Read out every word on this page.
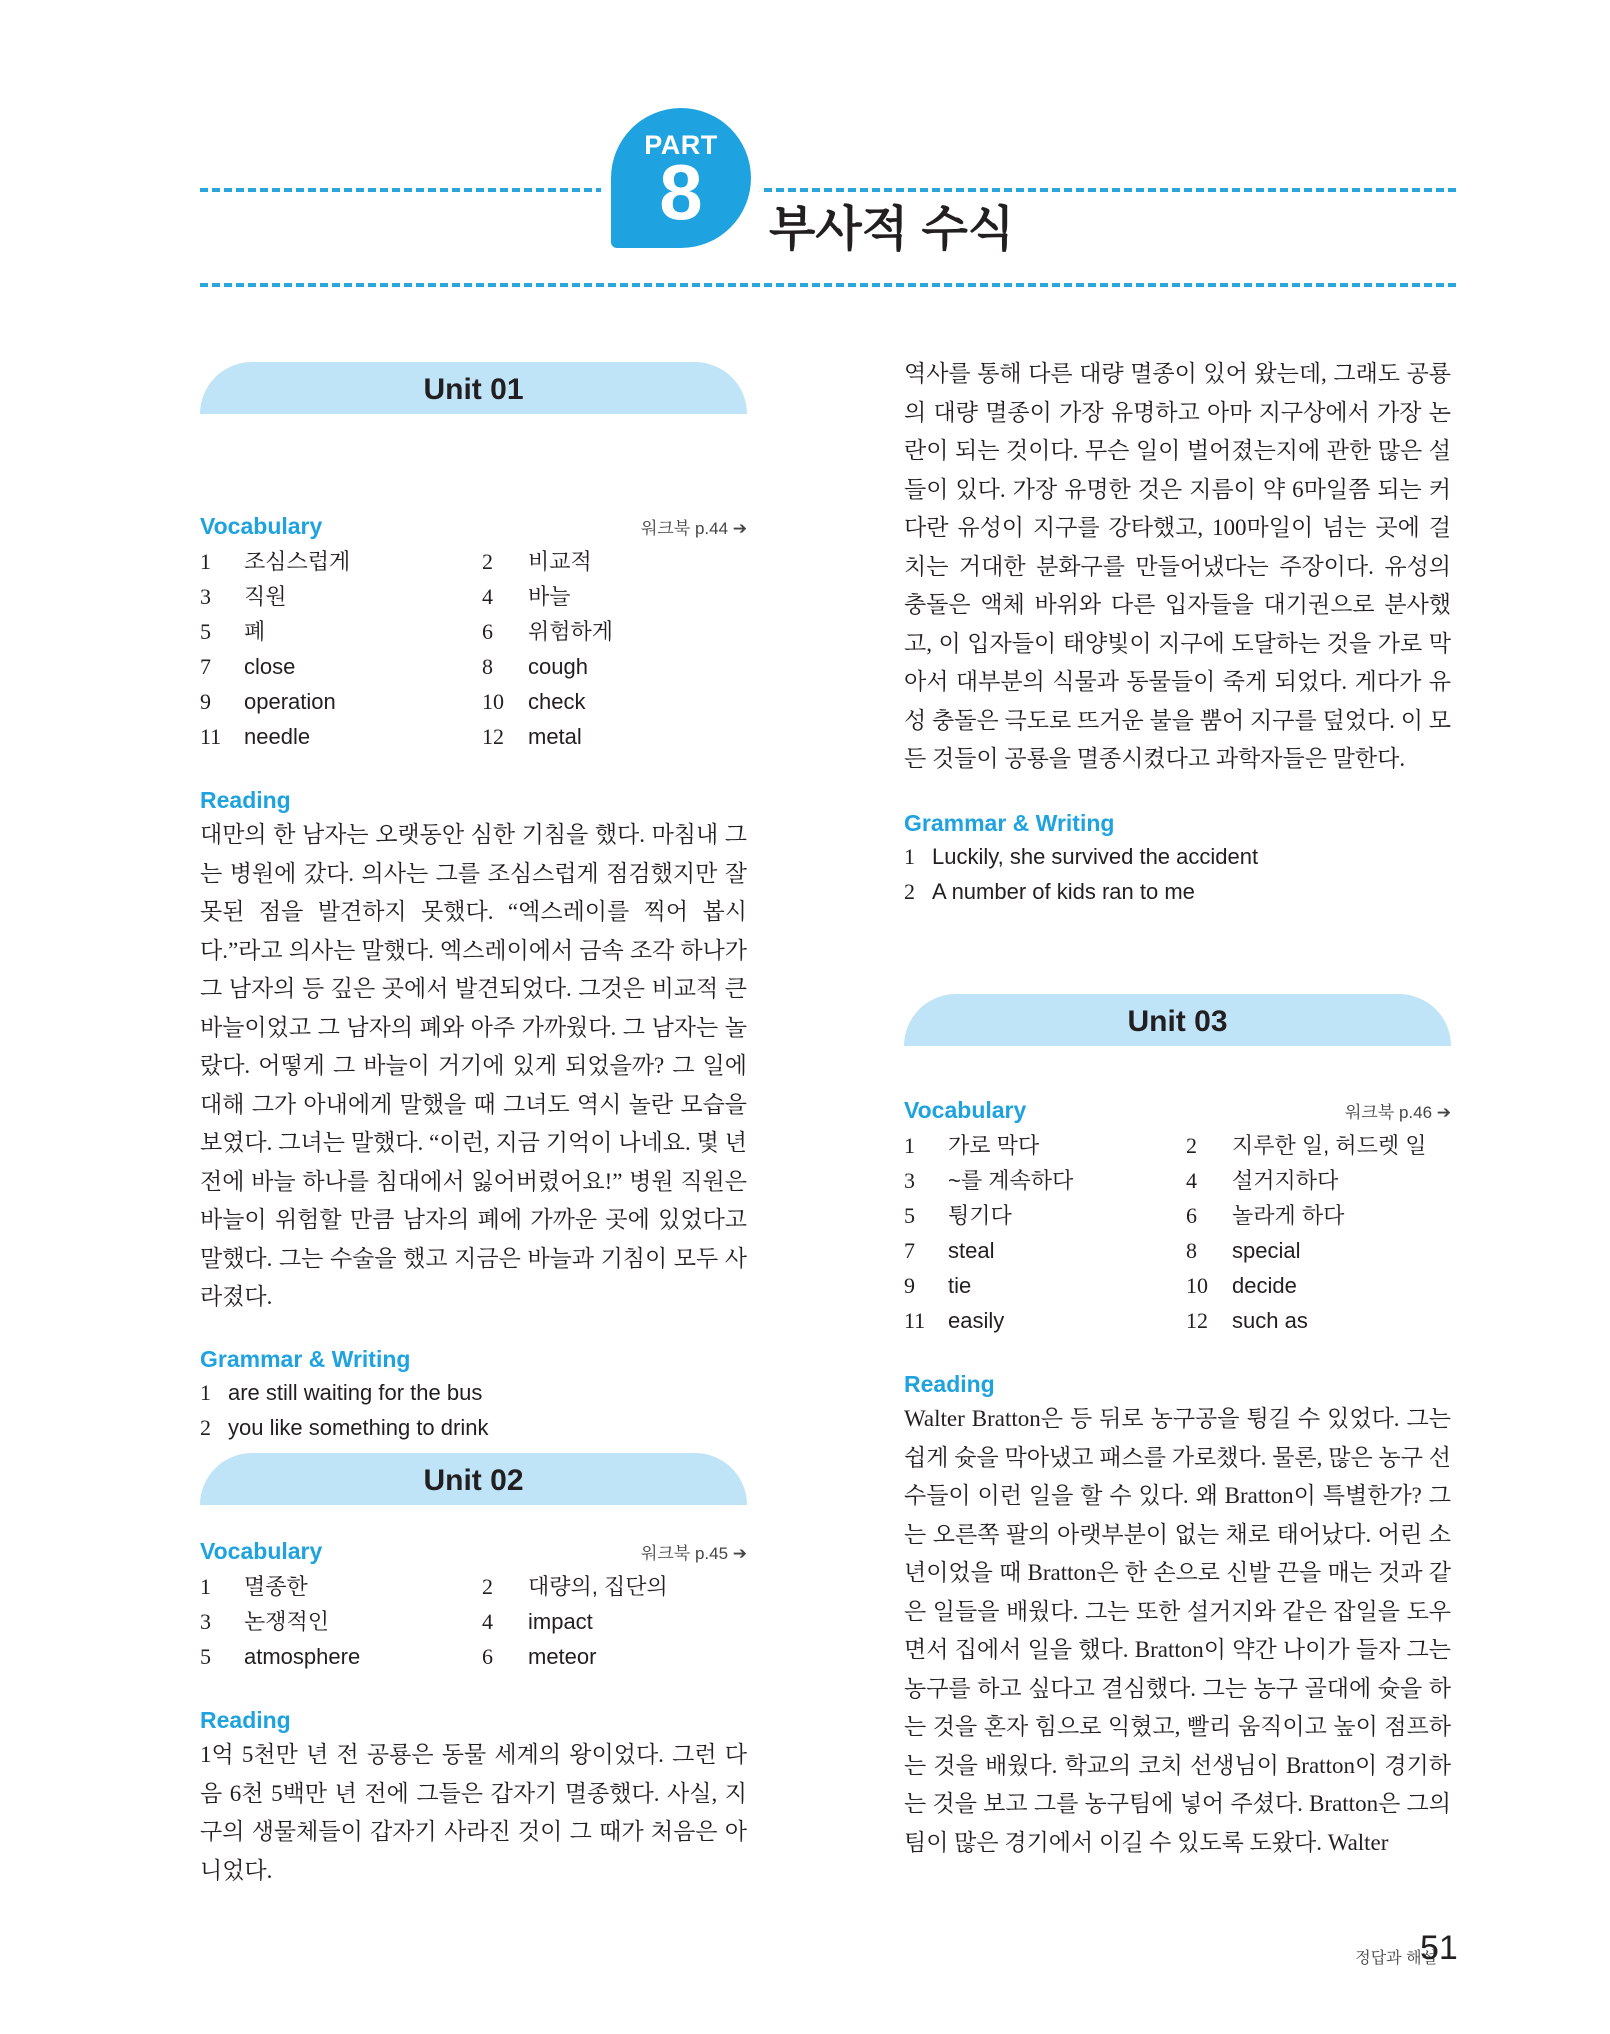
PART
8	부사적 수식
Unit 01
Vocabulary	워크북 p.44 ➔
1 조심스럽게	2 비교적
3 직원	4 바늘
5 폐	6 위험하게
7 close	8 cough
9 operation	10 check
11 needle	12 metal
Reading

대만의 한 남자는 오랫동안 심한 기침을 했다. 마침내 그는 병원에 갔다. 의사는 그를 조심스럽게 점검했지만 잘못된 점을 발견하지 못했다. “엑스레이를 찍어 봅시다.”라고 의사는 말했다. 엑스레이에서 금속 조각 하나가 그 남자의 등 깊은 곳에서 발견되었다. 그것은 비교적 큰 바늘이었고 그 남자의 폐와 아주 가까웠다. 그 남자는 놀랐다. 어떻게 그 바늘이 거기에 있게 되었을까? 그 일에 대해 그가 아내에게 말했을 때 그녀도 역시 놀란 모습을 보였다. 그녀는 말했다. “이런, 지금 기억이 나네요. 몇 년 전에 바늘 하나를 침대에서 잃어버렸어요!” 병원 직원은 바늘이 위험할 만큼 남자의 폐에 가까운 곳에 있었다고 말했다. 그는 수술을 했고 지금은 바늘과 기침이 모두 사라졌다.

Grammar & Writing
1 are still waiting for the bus
2 you like something to drink
Unit 02
Vocabulary	워크북 p.45 ➔
1 멸종한	2 대량의, 집단의
3 논쟁적인	4 impact
5 atmosphere	6 meteor
Reading

1억 5천만 년 전 공룡은 동물 세계의 왕이었다. 그런 다음 6천 5백만 년 전에 그들은 갑자기 멸종했다. 사실, 지구의 생물체들이 갑자기 사라진 것이 그 때가 처음은 아니었다.

역사를 통해 다른 대량 멸종이 있어 왔는데, 그래도 공룡의 대량 멸종이 가장 유명하고 아마 지구상에서 가장 논란이 되는 것이다. 무슨 일이 벌어졌는지에 관한 많은 설들이 있다. 가장 유명한 것은 지름이 약 6마일쯤 되는 커다란 유성이 지구를 강타했고, 100마일이 넘는 곳에 걸치는 거대한 분화구를 만들어냈다는 주장이다. 유성의 충돌은 액체 바위와 다른 입자들을 대기권으로 분사했고, 이 입자들이 태양빛이 지구에 도달하는 것을 가로 막아서 대부분의 식물과 동물들이 죽게 되었다. 게다가 유성 충돌은 극도로 뜨거운 불을 뿜어 지구를 덮었다. 이 모든 것들이 공룡을 멸종시켰다고 과학자들은 말한다.

Grammar & Writing
1 Luckily, she survived the accident
2 A number of kids ran to me
Unit 03
Vocabulary	워크북 p.46 ➔
1 가로 막다	2 지루한 일, 허드렛 일
3 ~를 계속하다	4 설거지하다
5 튕기다	6 놀라게 하다
7 steal	8 special
9 tie	10 decide
11 easily	12 such as
Reading

Walter Bratton은 등 뒤로 농구공을 튕길 수 있었다. 그는 쉽게 슛을 막아냈고 패스를 가로챘다. 물론, 많은 농구 선수들이 이런 일을 할 수 있다. 왜 Bratton이 특별한가? 그는 오른쪽 팔의 아랫부분이 없는 채로 태어났다. 어린 소년이었을 때 Bratton은 한 손으로 신발 끈을 매는 것과 같은 일들을 배웠다. 그는 또한 설거지와 같은 잡일을 도우면서 집에서 일을 했다. Bratton이 약간 나이가 들자 그는 농구를 하고 싶다고 결심했다. 그는 농구 골대에 슛을 하는 것을 혼자 힘으로 익혔고, 빨리 움직이고 높이 점프하는 것을 배웠다. 학교의 코치 선생님이 Bratton이 경기하는 것을 보고 그를 농구팀에 넣어 주셨다. Bratton은 그의 팀이 많은 경기에서 이길 수 있도록 도왔다. Walter

정답과 해설
51
